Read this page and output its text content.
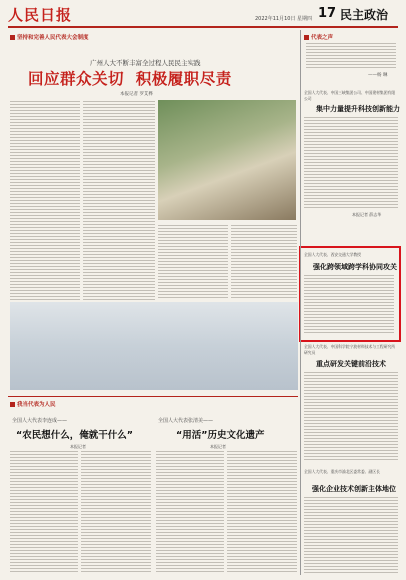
人民日报	2022年11月10日 星期四 17 民主政治
坚持和完善人民代表大会制度
广州人大不断丰富全过程人民民主实践
回应群众关切  积极履职尽责
本报记者 罗艾桦
代表之声
——杨 琳
全国人大代表、中国三峡集团公司、中国建材集团有限公司
集中力量提升科技创新能力
本报记者 薛志华
全国人大代表、西安交通大学教授
强化跨领域跨学科协同攻关
全国人大代表、中国科学院宁波材料技术与工程研究所研究员
重点研发关键前沿技术
全国人大代表、重庆市渝北区委常委、副区长
强化企业技术创新主体地位
我当代表为人民
全国人大代表李连成——
“农民想什么，俺就干什么”
本报记者
全国人大代表张清美——
“用活”历史文化遗产
本报记者
